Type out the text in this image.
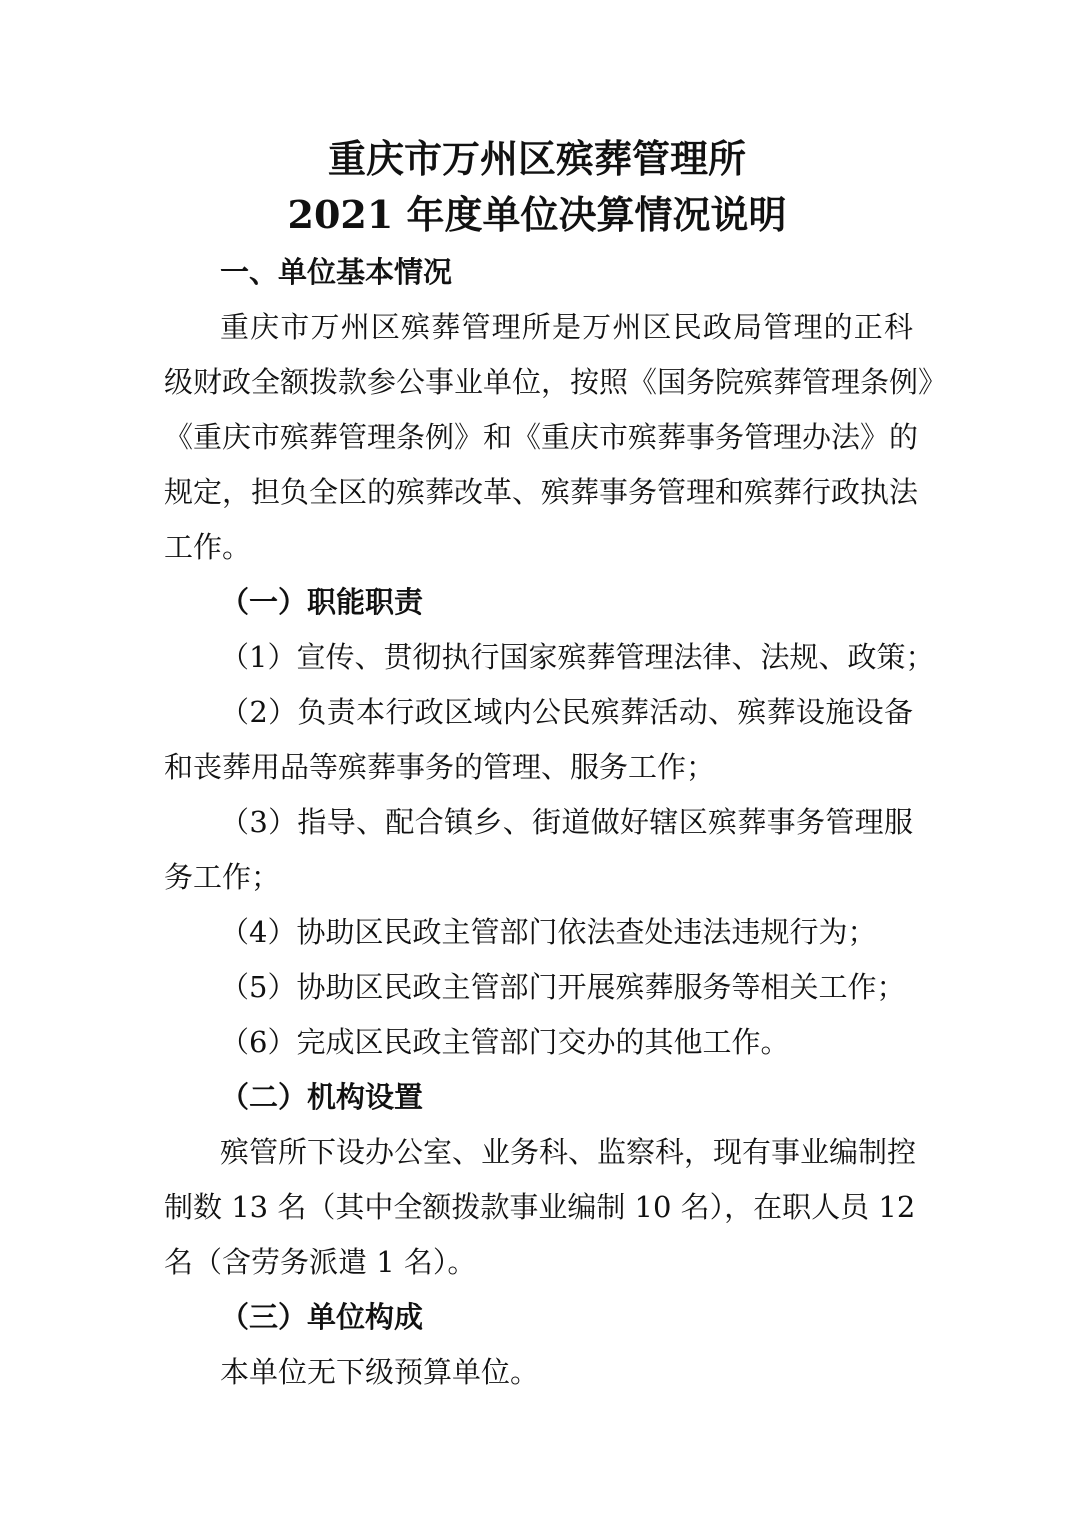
重庆市万州区殡葬管理所
2021 年度单位决算情况说明
一、单位基本情况
重庆市万州区殡葬管理所是万州区民政局管理的正科
级财政全额拨款参公事业单位，按照《国务院殡葬管理条例》
《重庆市殡葬管理条例》和《重庆市殡葬事务管理办法》的
规定，担负全区的殡葬改革、殡葬事务管理和殡葬行政执法
工作。
（一）职能职责
（1）宣传、贯彻执行国家殡葬管理法律、法规、政策；
（2）负责本行政区域内公民殡葬活动、殡葬设施设备
和丧葬用品等殡葬事务的管理、服务工作；
（3）指导、配合镇乡、街道做好辖区殡葬事务管理服
务工作；
（4）协助区民政主管部门依法查处违法违规行为；
（5）协助区民政主管部门开展殡葬服务等相关工作；
（6）完成区民政主管部门交办的其他工作。
（二）机构设置
殡管所下设办公室、业务科、监察科，现有事业编制控
制数 13 名（其中全额拨款事业编制 10 名），在职人员 12
名（含劳务派遣 1 名）。
（三）单位构成
本单位无下级预算单位。
